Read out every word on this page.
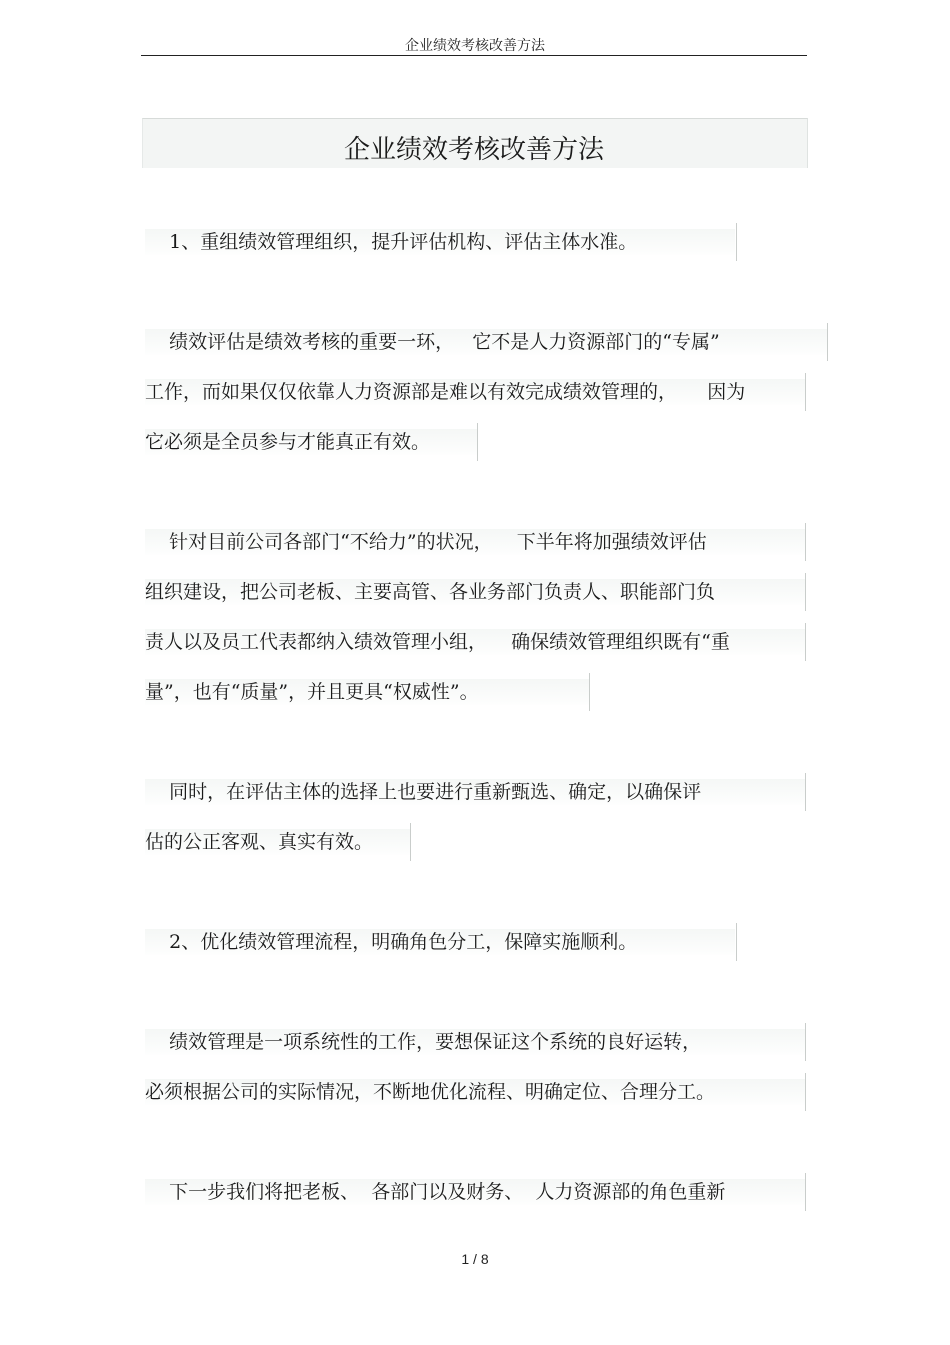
企业绩效考核改善方法
企业绩效考核改善方法
1、重组绩效管理组织，提升评估机构、评估主体水准。
绩效评估是绩效考核的重要一环，   它不是人力资源部门的“专属”
工作，而如果仅仅依靠人力资源部是难以有效完成绩效管理的，     因为
它必须是全员参与才能真正有效。
针对目前公司各部门“不给力”的状况，    下半年将加强绩效评估
组织建设，把公司老板、主要高管、各业务部门负责人、职能部门负
责人以及员工代表都纳入绩效管理小组，    确保绩效管理组织既有“重
量”，也有“质量”，并且更具“权威性”。
同时，在评估主体的选择上也要进行重新甄选、确定，以确保评
估的公正客观、真实有效。
2、优化绩效管理流程，明确角色分工，保障实施顺利。
绩效管理是一项系统性的工作，要想保证这个系统的良好运转，
必须根据公司的实际情况，不断地优化流程、明确定位、合理分工。
下一步我们将把老板、  各部门以及财务、  人力资源部的角色重新
1 / 8
